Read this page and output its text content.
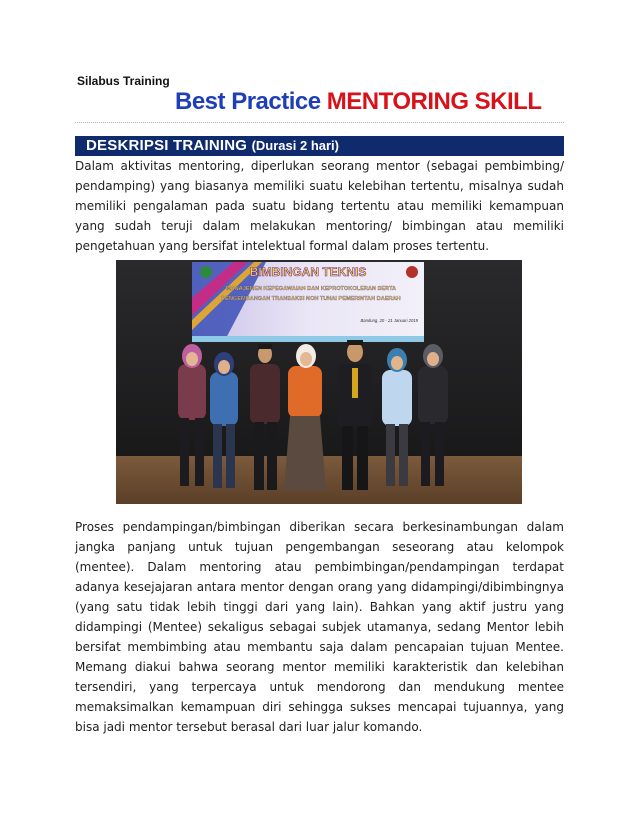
Silabus Training
Best Practice MENTORING SKILL
DESKRIPSI TRAINING (Durasi 2 hari)

Dalam aktivitas mentoring, diperlukan seorang mentor (sebagai pembimbing/ pendamping) yang biasanya memiliki suatu kelebihan tertentu, misalnya sudah memiliki pengalaman pada suatu bidang tertentu atau memiliki kemampuan yang sudah teruji dalam melakukan mentoring/ bimbingan atau memiliki pengetahuan yang bersifat intelektual formal dalam proses tertentu.

BIMBINGAN TEKNIS
MANAJEMEN KEPEGAWAIAN DAN KEPROTOKOLERAN SERTA
PENGEMBANGAN TRANSAKSI NON TUNAI PEMERINTAH DAERAH
Bandung, 20 - 21 Januari 2019

Proses pendampingan/bimbingan diberikan secara berkesinambungan dalam jangka panjang untuk tujuan pengembangan seseorang atau kelompok (mentee). Dalam mentoring atau pembimbingan/pendampingan terdapat adanya kesejajaran antara mentor dengan orang yang didampingi/dibimbingnya (yang satu tidak lebih tinggi dari yang lain). Bahkan yang aktif justru yang didampingi (Mentee) sekaligus sebagai subjek utamanya, sedang Mentor lebih bersifat membimbing atau membantu saja dalam pencapaian tujuan Mentee. Memang diakui bahwa seorang mentor memiliki karakteristik dan kelebihan tersendiri, yang terpercaya untuk mendorong dan mendukung mentee memaksimalkan kemampuan diri sehingga sukses mencapai tujuannya, yang bisa jadi mentor tersebut berasal dari luar jalur komando.
